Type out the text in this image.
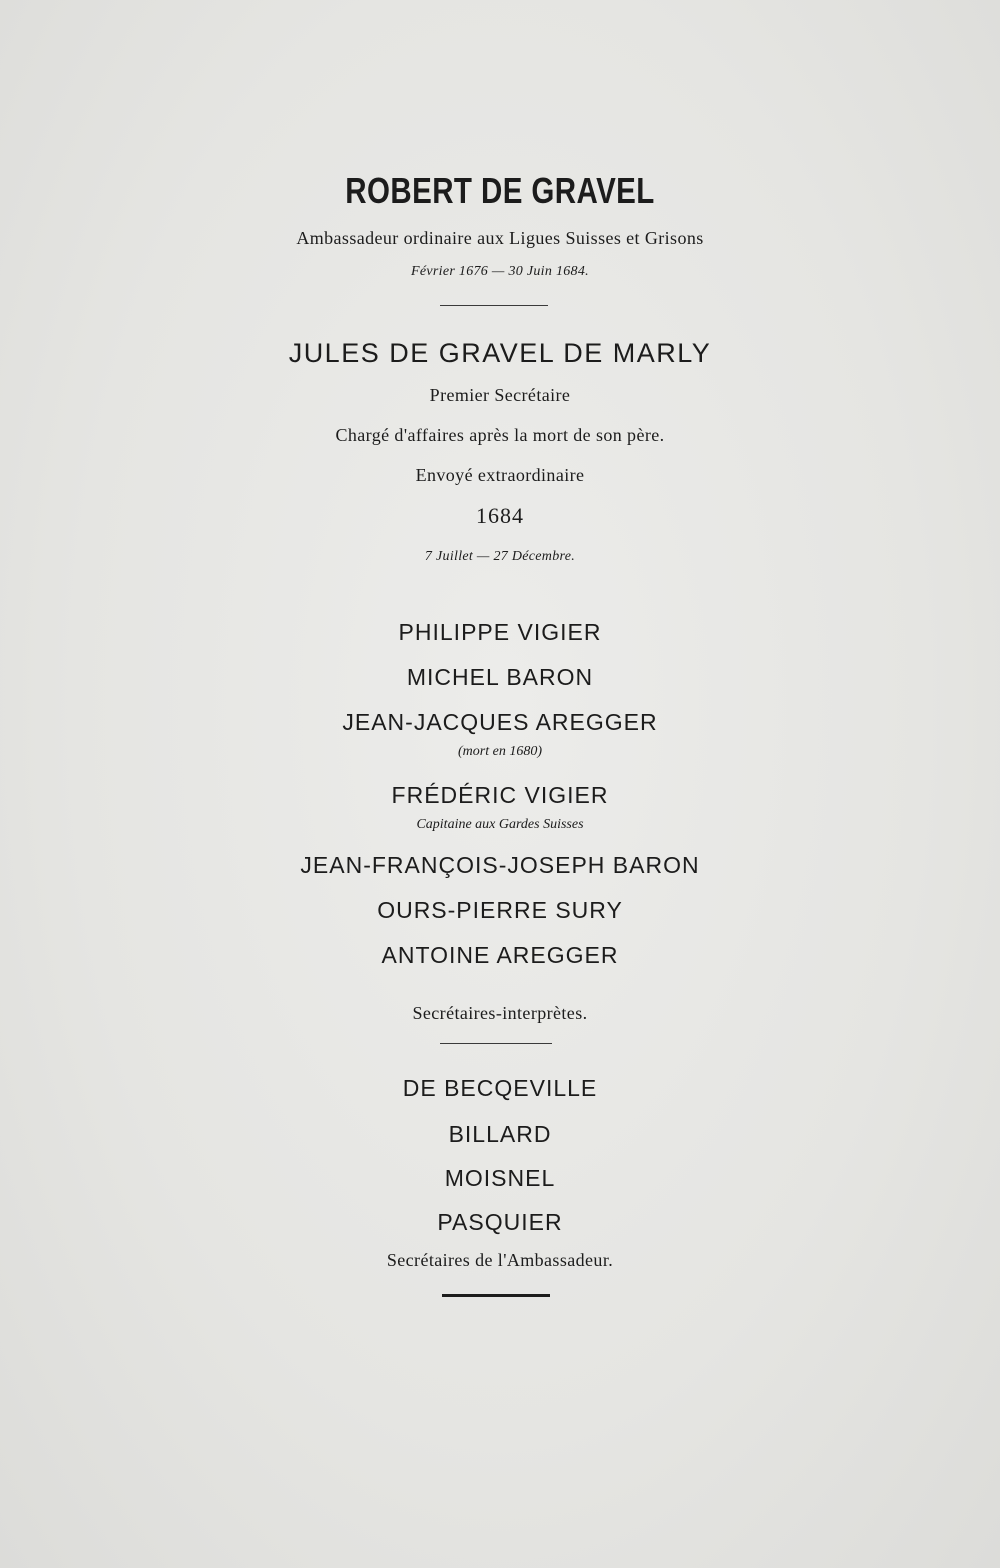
ROBERT DE GRAVEL
Ambassadeur ordinaire aux Ligues Suisses et Grisons
Février 1676 — 30 Juin 1684.
JULES DE GRAVEL DE MARLY
Premier Secrétaire
Chargé d'affaires après la mort de son père.
Envoyé extraordinaire
1684
7 Juillet — 27 Décembre.
PHILIPPE VIGIER
MICHEL BARON
JEAN-JACQUES AREGGER
(mort en 1680)
FRÉDÉRIC VIGIER
Capitaine aux Gardes Suisses
JEAN-FRANÇOIS-JOSEPH BARON
OURS-PIERRE SURY
ANTOINE AREGGER
Secrétaires-interprètes.
DE BECQEVILLE
BILLARD
MOISNEL
PASQUIER
Secrétaires de l'Ambassadeur.
